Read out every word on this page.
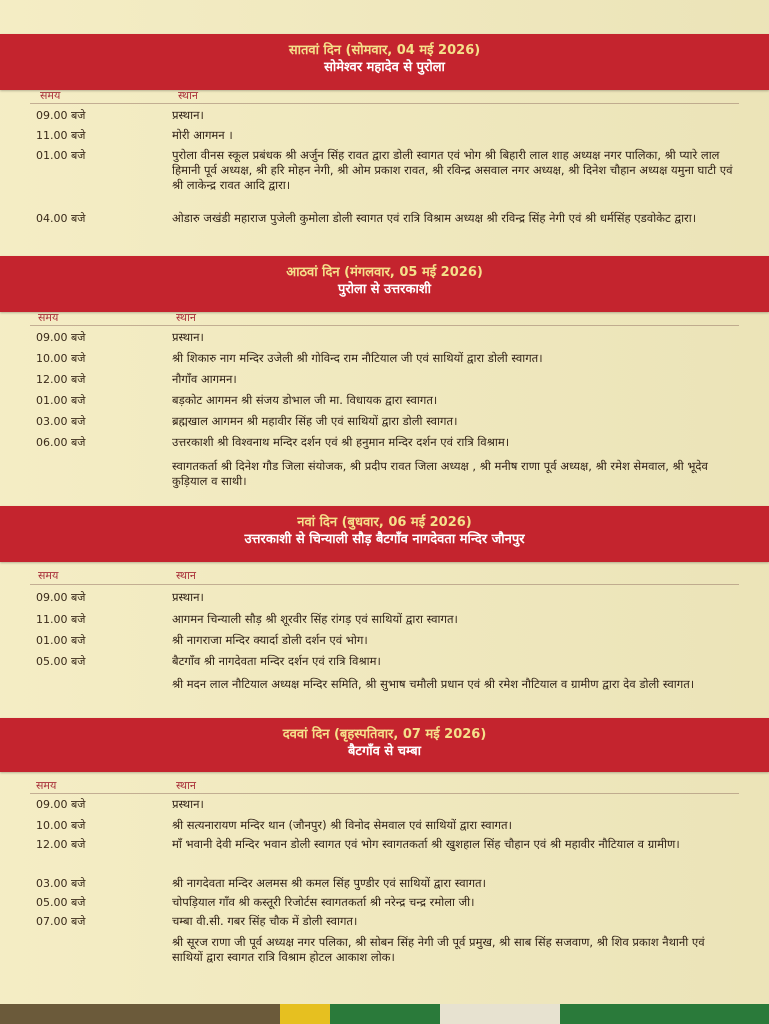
सातवां दिन (सोमवार, 04 मई 2026)
सोमेश्वर महादेव से पुरोला
समय	स्थान
09.00 बजे	प्रस्थान।
11.00 बजे	मोरी आगमन ।
01.00 बजे	पुरोला वीनस स्कूल प्रबंधक श्री अर्जुन सिंह रावत द्वारा डोली स्वागत एवं भोग श्री बिहारी लाल शाह अध्यक्ष नगर पालिका, श्री प्यारे लाल हिमानी पूर्व अध्यक्ष, श्री हरि मोहन नेगी, श्री ओम प्रकाश रावत, श्री रविन्द्र असवाल नगर अध्यक्ष, श्री दिनेश चौहान अध्यक्ष यमुना घाटी एवं श्री लाकेन्द्र रावत आदि द्वारा।
04.00 बजे	ओडारु जखंडी महाराज पुजेली कुमोला डोली स्वागत एवं रात्रि विश्राम अध्यक्ष श्री रविन्द्र सिंह नेगी एवं श्री धर्मसिंह एडवोकेट द्वारा।
आठवां दिन (मंगलवार, 05 मई 2026)
पुरोला से उत्तरकाशी
समय	स्थान
09.00 बजे	प्रस्थान।
10.00 बजे	श्री शिकारु नाग मन्दिर उजेली श्री गोविन्द राम नौटियाल जी एवं साथियों द्वारा डोली स्वागत।
12.00 बजे	नौगाँव आगमन।
01.00 बजे	बड़कोट आगमन श्री संजय डोभाल जी मा. विधायक द्वारा स्वागत।
03.00 बजे	ब्रह्मखाल आगमन श्री महावीर सिंह जी एवं साथियों द्वारा डोली स्वागत।
06.00 बजे	उत्तरकाशी श्री विश्वनाथ मन्दिर दर्शन एवं श्री हनुमान मन्दिर दर्शन एवं रात्रि विश्राम।
स्वागतकर्ता श्री दिनेश गौड जिला संयोजक, श्री प्रदीप रावत जिला अध्यक्ष , श्री मनीष राणा पूर्व अध्यक्ष, श्री रमेश सेमवाल, श्री भूदेव कुड़ियाल व साथी।
नवां दिन (बुधवार, 06 मई 2026)
उत्तरकाशी से चिन्याली सौड़ बैटगाँव नागदेवता मन्दिर जौनपुर
समय	स्थान
09.00 बजे	प्रस्थान।
11.00 बजे	आगमन चिन्याली सौड़ श्री शूरवीर सिंह रांगड़ एवं साथियों द्वारा स्वागत।
01.00 बजे	श्री नागराजा मन्दिर क्यार्दा डोली दर्शन एवं भोग।
05.00 बजे	बैटगाँव श्री नागदेवता मन्दिर दर्शन एवं रात्रि विश्राम।
श्री मदन लाल नौटियाल अध्यक्ष मन्दिर समिति, श्री सुभाष चमौली प्रधान एवं श्री रमेश नौटियाल व ग्रामीण द्वारा देव डोली स्वागत।
दववां दिन (बृहस्पतिवार, 07 मई 2026)
बैटगाँव से चम्बा
समय	स्थान
09.00 बजे	प्रस्थान।
10.00 बजे	श्री सत्यनारायण मन्दिर थान (जौनपुर) श्री विनोद सेमवाल एवं साथियों द्वारा स्वागत।
12.00 बजे	माँ भवानी देवी मन्दिर भवान डोली स्वागत एवं भोग स्वागतकर्ता श्री खुशहाल सिंह चौहान एवं श्री महावीर नौटियाल व ग्रामीण।
03.00 बजे	श्री नागदेवता मन्दिर अलमस श्री कमल सिंह पुण्डीर एवं साथियों द्वारा स्वागत।
05.00 बजे	चोपड़ियाल गाँव श्री कस्तूरी रिजोर्टस स्वागतकर्ता श्री नरेन्द्र चन्द्र रमोला जी।
07.00 बजे	चम्बा वी.सी. गबर सिंह चौक में डोली स्वागत।
श्री सूरज राणा जी पूर्व अध्यक्ष नगर पलिका, श्री सोबन सिंह नेगी जी पूर्व प्रमुख, श्री साब सिंह सजवाण, श्री शिव प्रकाश नैथानी एवं साथियों द्वारा स्वागत रात्रि विश्राम होटल आकाश लोक।
